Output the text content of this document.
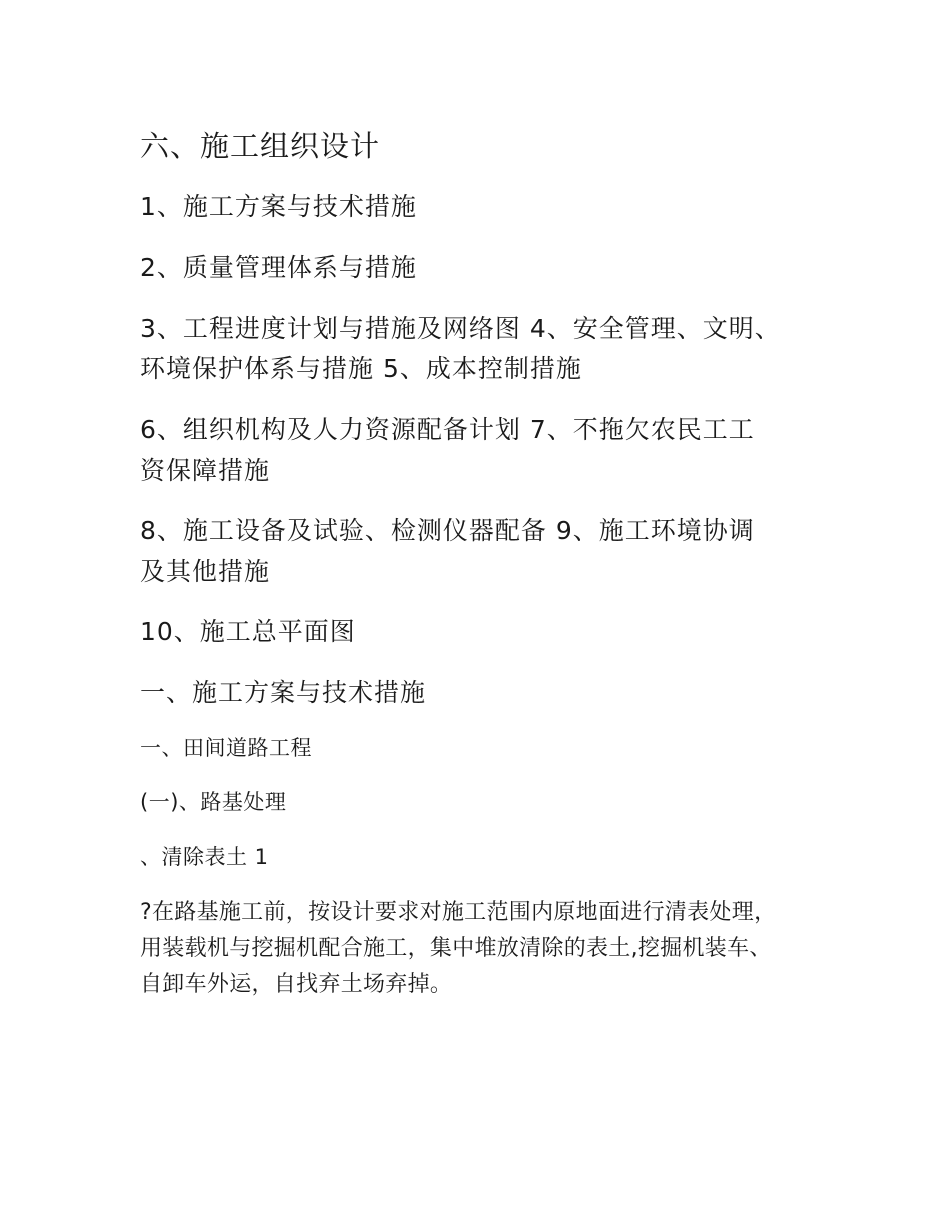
六、施工组织设计

1、施工方案与技术措施

2、质量管理体系与措施

3、工程进度计划与措施及网络图 4、安全管理、文明、

环境保护体系与措施 5、成本控制措施

6、组织机构及人力资源配备计划 7、不拖欠农民工工

资保障措施

8、施工设备及试验、检测仪器配备 9、施工环境协调

及其他措施

10、施工总平面图

一、施工方案与技术措施

一、田间道路工程

(一)、路基处理

、清除表土 1

?在路基施工前，按设计要求对施工范围内原地面进行清表处理，

用装载机与挖掘机配合施工，集中堆放清除的表土,挖掘机装车、

自卸车外运，自找弃土场弃掉。
